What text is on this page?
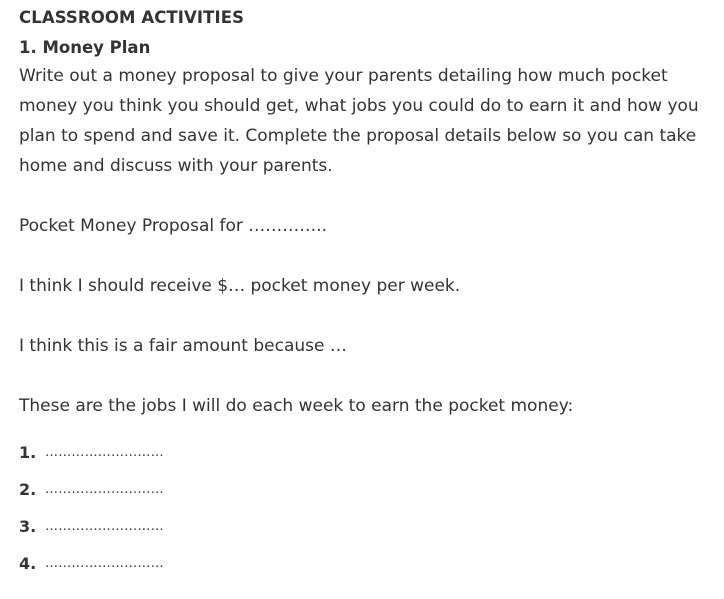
CLASSROOM ACTIVITIES
1. Money Plan

Write out a money proposal to give your parents detailing how much pocket money you think you should get, what jobs you could do to earn it and how you plan to spend and save it. Complete the proposal details below so you can take home and discuss with your parents.

Pocket Money Proposal for …………..

I think I should receive $… pocket money per week.

I think this is a fair amount because …

These are the jobs I will do each week to earn the pocket money:

1. ………………………
2. ………………………
3. ………………………
4. ………………………
